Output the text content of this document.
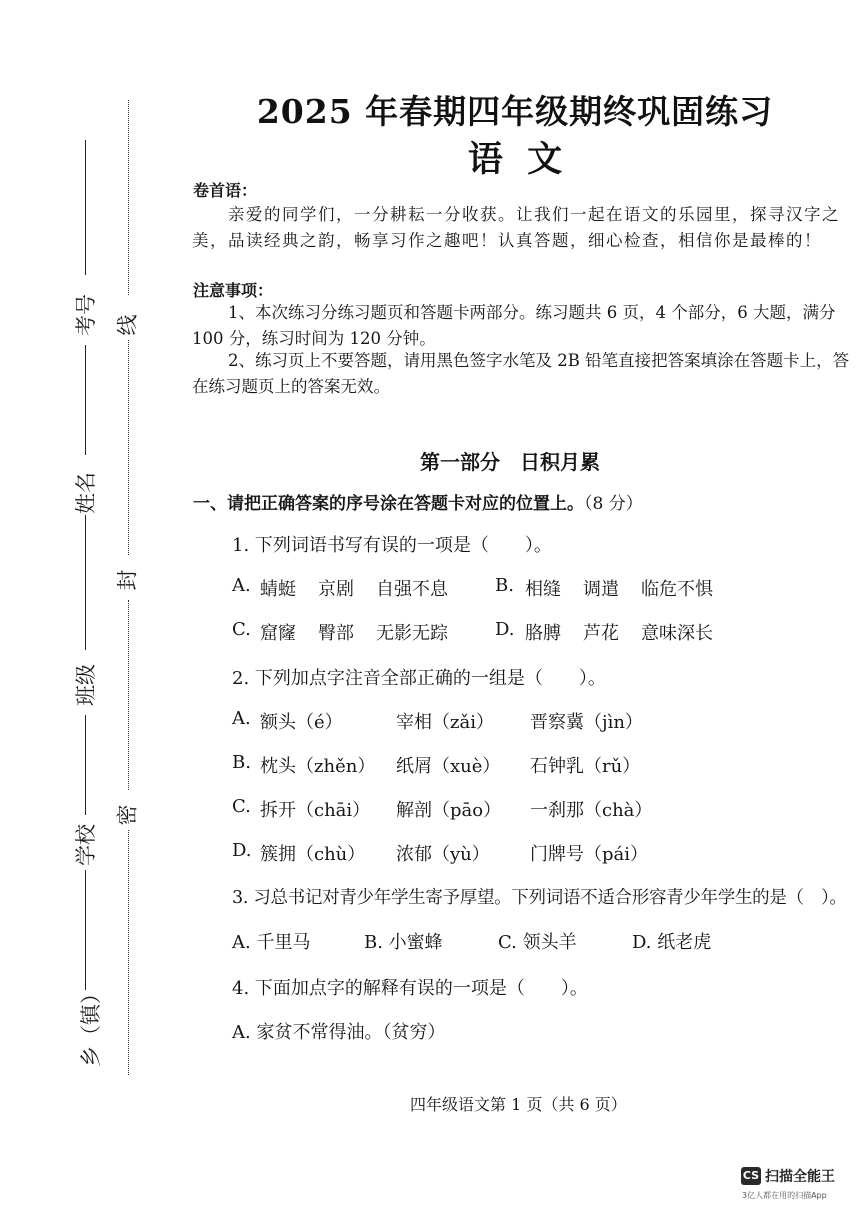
考号
姓名
班级
学校
乡（镇）
线
封
密
2025 年春期四年级期终巩固练习
语  文
卷首语：
亲爱的同学们，一分耕耘一分收获。让我们一起在语文的乐园里，探寻汉字之美，品读经典之韵，畅享习作之趣吧！认真答题，细心检查，相信你是最棒的！
注意事项：
1、本次练习分练习题页和答题卡两部分。练习题共 6 页，4 个部分，6 大题，满分 100 分，练习时间为 120 分钟。
2、练习页上不要答题，请用黑色签字水笔及 2B 铅笔直接把答案填涂在答题卡上，答在练习题页上的答案无效。
第一部分　日积月累
一、请把正确答案的序号涂在答题卡对应的位置上。（8 分）
1. 下列词语书写有误的一项是（　　）。
A. 蜻蜓 京剧 自强不息	B. 相缝 调遣 临危不惧
C. 窟窿 臀部 无影无踪	D. 胳膊 芦花 意味深长
2. 下列加点字注音全部正确的一组是（　　）。
A. 额头（é）	宰相（zǎi） 晋察冀（jìn）
B. 枕头（zhěn） 纸屑（xuè） 石钟乳（rǔ）
C. 拆开（chāi） 解剖（pāo） 一刹那（chà）
D. 簇拥（chù） 浓郁（yù） 门牌号（pái）
3. 习总书记对青少年学生寄予厚望。下列词语不适合形容青少年学生的是（　）。
A. 千里马	B. 小蜜蜂	C. 领头羊	D. 纸老虎
4. 下面加点字的解释有误的一项是（　　）。
A. 家贫不常得油。（贫穷）
四年级语文第 1 页（共 6 页）
CS 扫描全能王
3亿人都在用的扫描App
